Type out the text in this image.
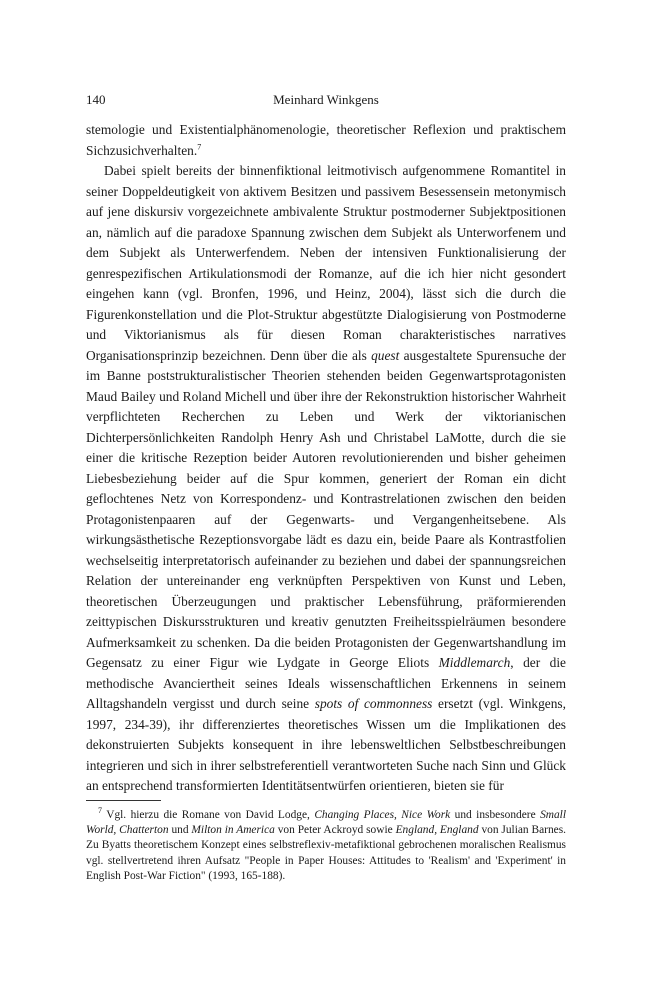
140	Meinhard Winkgens

stemologie und Existentialphänomenologie, theoretischer Reflexion und praktischem Sichzusichverhalten.$^7$

Dabei spielt bereits der binnenfiktional leitmotivisch aufgenommene Romantitel in seiner Doppeldeutigkeit von aktivem Besitzen und passivem Besessensein metonymisch auf jene diskursiv vorgezeichnete ambivalente Struktur postmoderner Subjektpositionen an, nämlich auf die paradoxe Spannung zwischen dem Subjekt als Unterworfenem und dem Subjekt als Unterwerfendem. Neben der intensiven Funktionalisierung der genrespezifischen Artikulationsmodi der Romanze, auf die ich hier nicht gesondert eingehen kann (vgl. Bronfen, 1996, und Heinz, 2004), lässt sich die durch die Figurenkonstellation und die Plot-Struktur abgestützte Dialogisierung von Postmoderne und Viktorianismus als für diesen Roman charakteristisches narratives Organisationsprinzip bezeichnen. Denn über die als quest ausgestaltete Spurensuche der im Banne poststrukturalistischer Theorien stehenden beiden Gegenwartsprotagonisten Maud Bailey und Roland Michell und über ihre der Rekonstruktion historischer Wahrheit verpflichteten Recherchen zu Leben und Werk der viktorianischen Dichterpersönlichkeiten Randolph Henry Ash und Christabel LaMotte, durch die sie einer die kritische Rezeption beider Autoren revolutionierenden und bisher geheimen Liebesbeziehung beider auf die Spur kommen, generiert der Roman ein dicht geflochtenes Netz von Korrespondenz- und Kontrastrelationen zwischen den beiden Protagonistenpaaren auf der Gegenwarts- und Vergangenheitsebene. Als wirkungsästhetische Rezeptionsvorgabe lädt es dazu ein, beide Paare als Kontrastfolien wechselseitig interpretatorisch aufeinander zu beziehen und dabei der spannungsreichen Relation der untereinander eng verknüpften Perspektiven von Kunst und Leben, theoretischen Überzeugungen und praktischer Lebensführung, präformierenden zeittypischen Diskursstrukturen und kreativ genutzten Freiheitsspielräumen besondere Aufmerksamkeit zu schenken. Da die beiden Protagonisten der Gegenwartshandlung im Gegensatz zu einer Figur wie Lydgate in George Eliots Middlemarch, der die methodische Avanciertheit seines Ideals wissenschaftlichen Erkennens in seinem Alltagshandeln vergisst und durch seine spots of commonness ersetzt (vgl. Winkgens, 1997, 234-39), ihr differenziertes theoretisches Wissen um die Implikationen des dekonstruierten Subjekts konsequent in ihre lebensweltlichen Selbstbeschreibungen integrieren und sich in ihrer selbstreferentiell verantworteten Suche nach Sinn und Glück an entsprechend transformierten Identitätsentwürfen orientieren, bieten sie für

$^7$ Vgl. hierzu die Romane von David Lodge, Changing Places, Nice Work und insbesondere Small World, Chatterton und Milton in America von Peter Ackroyd sowie England, England von Julian Barnes. Zu Byatts theoretischem Konzept eines selbstreflexiv-metafiktional gebrochenen moralischen Realismus vgl. stellvertretend ihren Aufsatz "People in Paper Houses: Attitudes to 'Realism' and 'Experiment' in English Post-War Fiction" (1993, 165-188).
